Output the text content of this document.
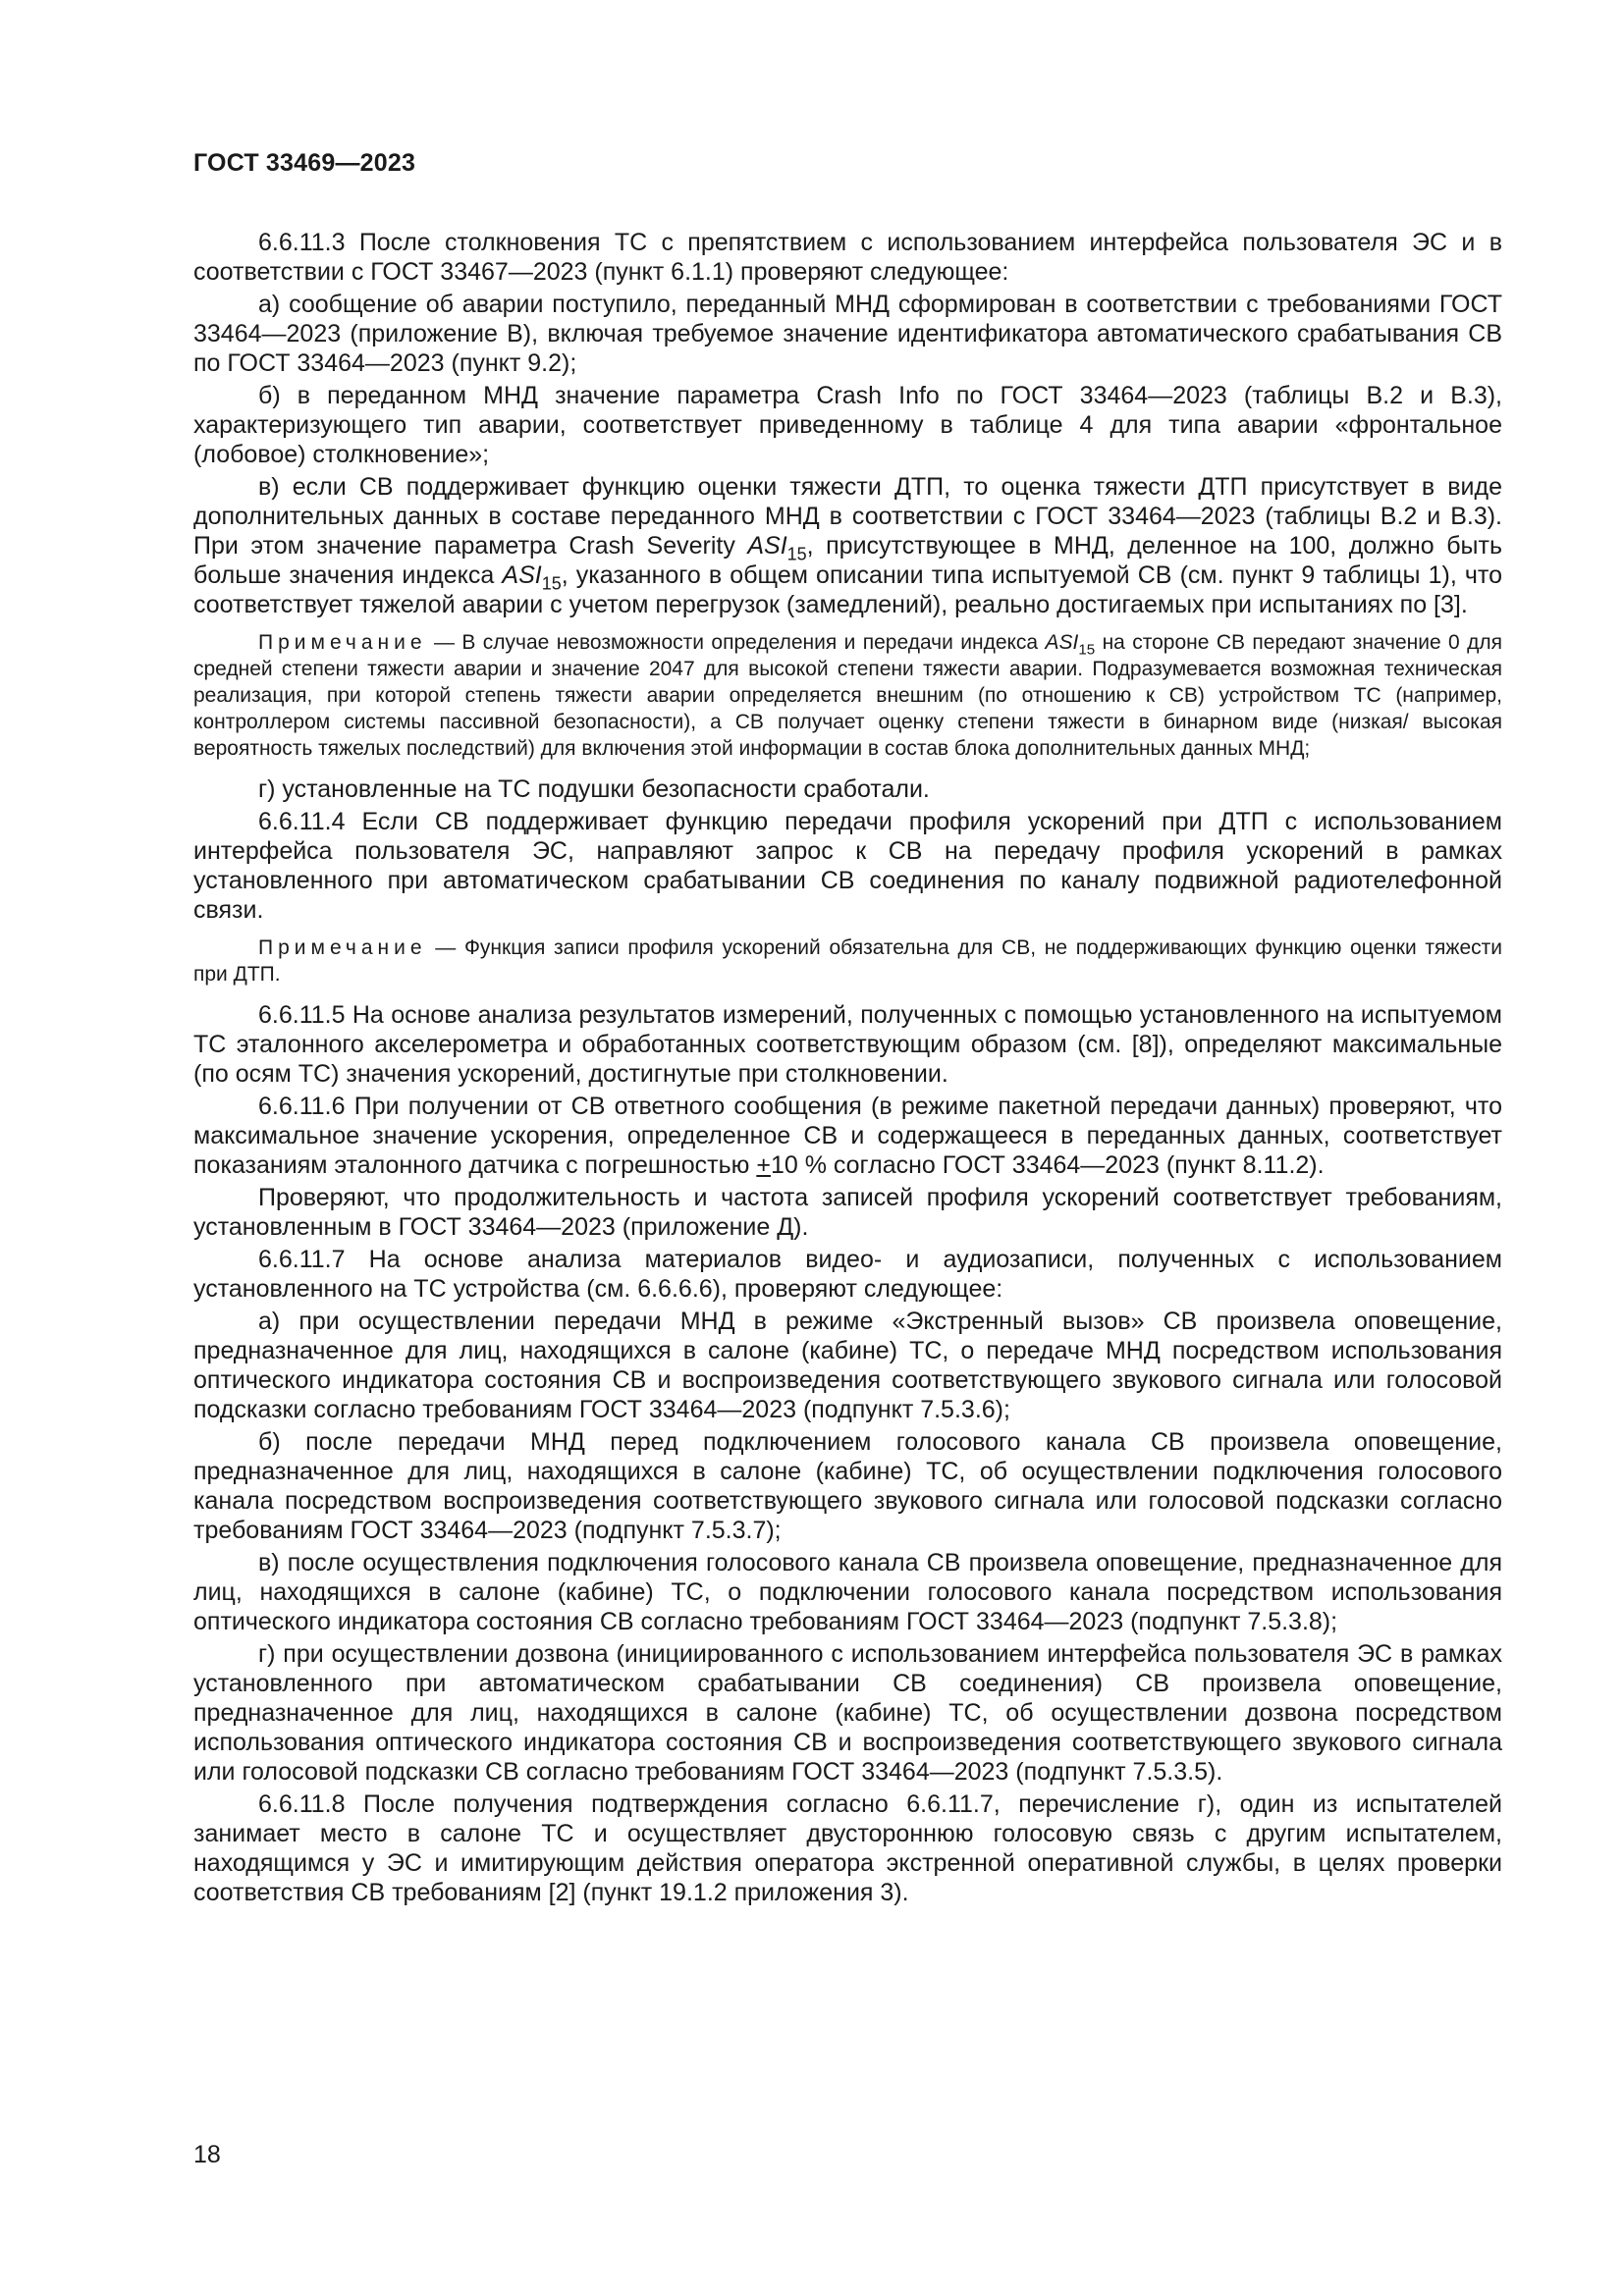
ГОСТ 33469—2023

6.6.11.3 После столкновения ТС с препятствием с использованием интерфейса пользователя ЭС и в соответствии с ГОСТ 33467—2023 (пункт 6.1.1) проверяют следующее:

а) сообщение об аварии поступило, переданный МНД сформирован в соответствии с требованиями ГОСТ 33464—2023 (приложение В), включая требуемое значение идентификатора автоматического срабатывания СВ по ГОСТ 33464—2023 (пункт 9.2);

б) в переданном МНД значение параметра Crash Info по ГОСТ 33464—2023 (таблицы В.2 и В.3), характеризующего тип аварии, соответствует приведенному в таблице 4 для типа аварии «фронтальное (лобовое) столкновение»;

в) если СВ поддерживает функцию оценки тяжести ДТП, то оценка тяжести ДТП присутствует в виде дополнительных данных в составе переданного МНД в соответствии с ГОСТ 33464—2023 (таблицы В.2 и В.3). При этом значение параметра Crash Severity $ASI_{15}$, присутствующее в МНД, деленное на 100, должно быть больше значения индекса $ASI_{15}$, указанного в общем описании типа испытуемой СВ (см. пункт 9 таблицы 1), что соответствует тяжелой аварии с учетом перегрузок (замедлений), реально достигаемых при испытаниях по [3].

Примечание — В случае невозможности определения и передачи индекса $ASI_{15}$ на стороне СВ передают значение 0 для средней степени тяжести аварии и значение 2047 для высокой степени тяжести аварии. Подразумевается возможная техническая реализация, при которой степень тяжести аварии определяется внешним (по отношению к СВ) устройством ТС (например, контроллером системы пассивной безопасности), а СВ получает оценку степени тяжести в бинарном виде (низкая/ высокая вероятность тяжелых последствий) для включения этой информации в состав блока дополнительных данных МНД;

г) установленные на ТС подушки безопасности сработали.

6.6.11.4 Если СВ поддерживает функцию передачи профиля ускорений при ДТП с использованием интерфейса пользователя ЭС, направляют запрос к СВ на передачу профиля ускорений в рамках установленного при автоматическом срабатывании СВ соединения по каналу подвижной радиотелефонной связи.

Примечание — Функция записи профиля ускорений обязательна для СВ, не поддерживающих функцию оценки тяжести при ДТП.

6.6.11.5 На основе анализа результатов измерений, полученных с помощью установленного на испытуемом ТС эталонного акселерометра и обработанных соответствующим образом (см. [8]), определяют максимальные (по осям ТС) значения ускорений, достигнутые при столкновении.

6.6.11.6 При получении от СВ ответного сообщения (в режиме пакетной передачи данных) проверяют, что максимальное значение ускорения, определенное СВ и содержащееся в переданных данных, соответствует показаниям эталонного датчика с погрешностью +10 % согласно ГОСТ 33464—2023 (пункт 8.11.2).

Проверяют, что продолжительность и частота записей профиля ускорений соответствует требованиям, установленным в ГОСТ 33464—2023 (приложение Д).

6.6.11.7 На основе анализа материалов видео- и аудиозаписи, полученных с использованием установленного на ТС устройства (см. 6.6.6.6), проверяют следующее:

а) при осуществлении передачи МНД в режиме «Экстренный вызов» СВ произвела оповещение, предназначенное для лиц, находящихся в салоне (кабине) ТС, о передаче МНД посредством использования оптического индикатора состояния СВ и воспроизведения соответствующего звукового сигнала или голосовой подсказки согласно требованиям ГОСТ 33464—2023 (подпункт 7.5.3.6);

б) после передачи МНД перед подключением голосового канала СВ произвела оповещение, предназначенное для лиц, находящихся в салоне (кабине) ТС, об осуществлении подключения голосового канала посредством воспроизведения соответствующего звукового сигнала или голосовой подсказки согласно требованиям ГОСТ 33464—2023 (подпункт 7.5.3.7);

в) после осуществления подключения голосового канала СВ произвела оповещение, предназначенное для лиц, находящихся в салоне (кабине) ТС, о подключении голосового канала посредством использования оптического индикатора состояния СВ согласно требованиям ГОСТ 33464—2023 (подпункт 7.5.3.8);

г) при осуществлении дозвона (инициированного с использованием интерфейса пользователя ЭС в рамках установленного при автоматическом срабатывании СВ соединения) СВ произвела оповещение, предназначенное для лиц, находящихся в салоне (кабине) ТС, об осуществлении дозвона посредством использования оптического индикатора состояния СВ и воспроизведения соответствующего звукового сигнала или голосовой подсказки СВ согласно требованиям ГОСТ 33464—2023 (подпункт 7.5.3.5).

6.6.11.8 После получения подтверждения согласно 6.6.11.7, перечисление г), один из испытателей занимает место в салоне ТС и осуществляет двустороннюю голосовую связь с другим испытателем, находящимся у ЭС и имитирующим действия оператора экстренной оперативной службы, в целях проверки соответствия СВ требованиям [2] (пункт 19.1.2 приложения 3).

18
